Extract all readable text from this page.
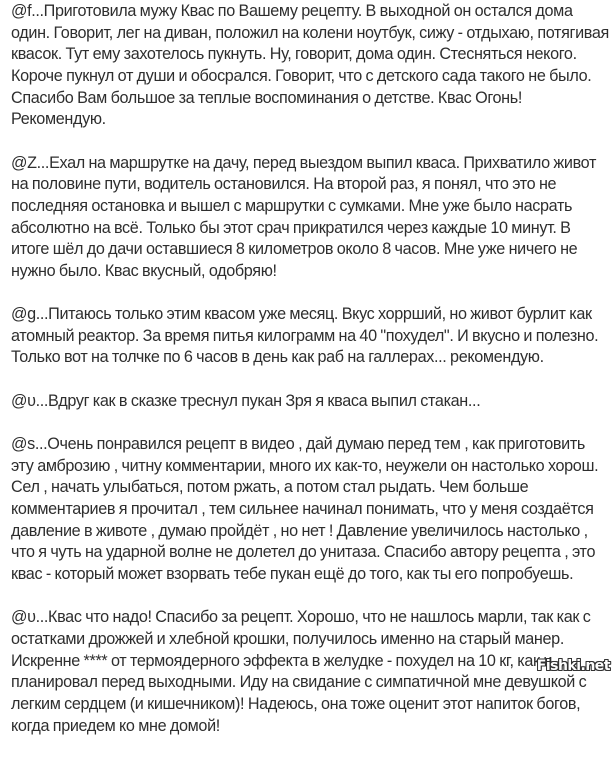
@f...Приготовила мужу Квас по Вашему рецепту. В выходной он остался дома один. Говорит, лег на диван, положил на колени ноутбук, сижу - отдыхаю, потягивая квасок. Тут ему захотелось пукнуть. Ну, говорит, дома один. Стесняться некого. Короче пукнул от души и обосрался. Говорит, что с детского сада такого не было. Спасибо Вам большое за теплые воспоминания о детстве. Квас Огонь! Рекомендую.

@Z...Ехал на маршрутке на дачу, перед выездом выпил кваса. Прихватило живот на половине пути, водитель остановился. На второй раз, я понял, что это не последняя остановка и вышел с маршрутки с сумками. Мне уже было насрать абсолютно на всё. Только бы этот срач прикратился через каждые 10 минут. В итоге шёл до дачи оставшиеся 8 километров около 8 часов. Мне уже ничего не нужно было. Квас вкусный, одобряю!

@g...Питаюсь только этим квасом уже месяц. Вкус хорpший, но живот бурлит как атомный реактор. За время питья килограмм на 40 "похудел". И вкусно и полезно. Только вот на толчке по 6 часов в день как раб на галлерах... рекомендую.

@υ...Вдруг как в сказке треснул пукан Зря я кваса выпил стакан...

@s...Очень понравился рецепт в видео , дай думаю перед тем , как приготовить эту амброзию , читну комментарии, много их как-то, неужели он настолько хорош. Сел , начать улыбаться, потом ржать, а потом стал рыдать. Чем больше комментариев я прочитал , тем сильнее начинал понимать, что у меня создаётся давление в животе , думаю пройдёт , но нет ! Давление увеличилось настолько , что я чуть на ударной волне не долетел до унитаза. Спасибо автору рецепта , это квас - который может взорвать тебе пукан ещё до того, как ты его попробуешь.

@υ...Квас что надо! Спасибо за рецепт. Хорошо, что не нашлось марли, так как с остатками дрожжей и хлебной крошки, получилось именно на старый манер. Искренне **** от термоядерного эффекта в желудке - похудел на 10 кг, как и планировал перед выходными. Иду на свидание с симпатичной мне девушкой с легким сердцем (и кишечником)! Надеюсь, она тоже оценит этот напиток богов, когда приедем ко мне домой!

Fishki.net
